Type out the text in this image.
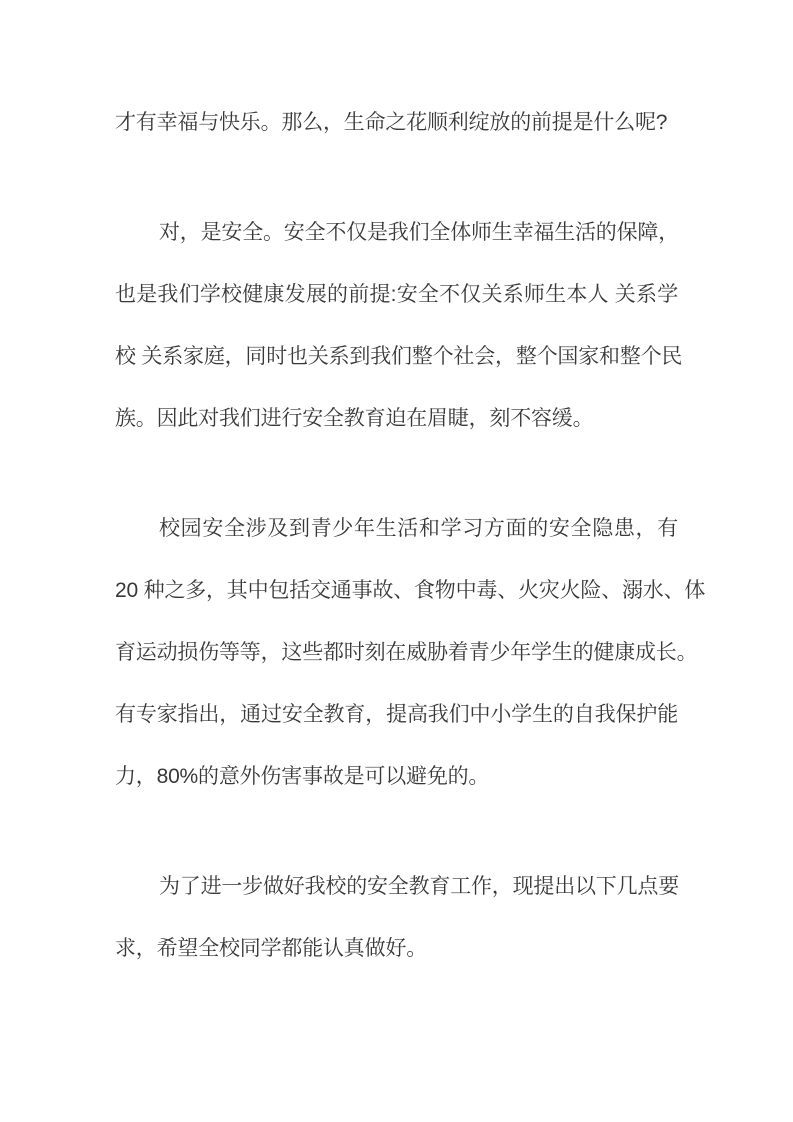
才有幸福与快乐。那么，生命之花顺利绽放的前提是什么呢?
对，是安全。安全不仅是我们全体师生幸福生活的保障，
也是我们学校健康发展的前提:安全不仅关系师生本人 关系学
校 关系家庭，同时也关系到我们整个社会，整个国家和整个民
族。因此对我们进行安全教育迫在眉睫，刻不容缓。
校园安全涉及到青少年生活和学习方面的安全隐患，有
20 种之多，其中包括交通事故、食物中毒、火灾火险、溺水、体
育运动损伤等等，这些都时刻在威胁着青少年学生的健康成长。
有专家指出，通过安全教育，提高我们中小学生的自我保护能
力，80%的意外伤害事故是可以避免的。
为了进一步做好我校的安全教育工作，现提出以下几点要
求，希望全校同学都能认真做好。
